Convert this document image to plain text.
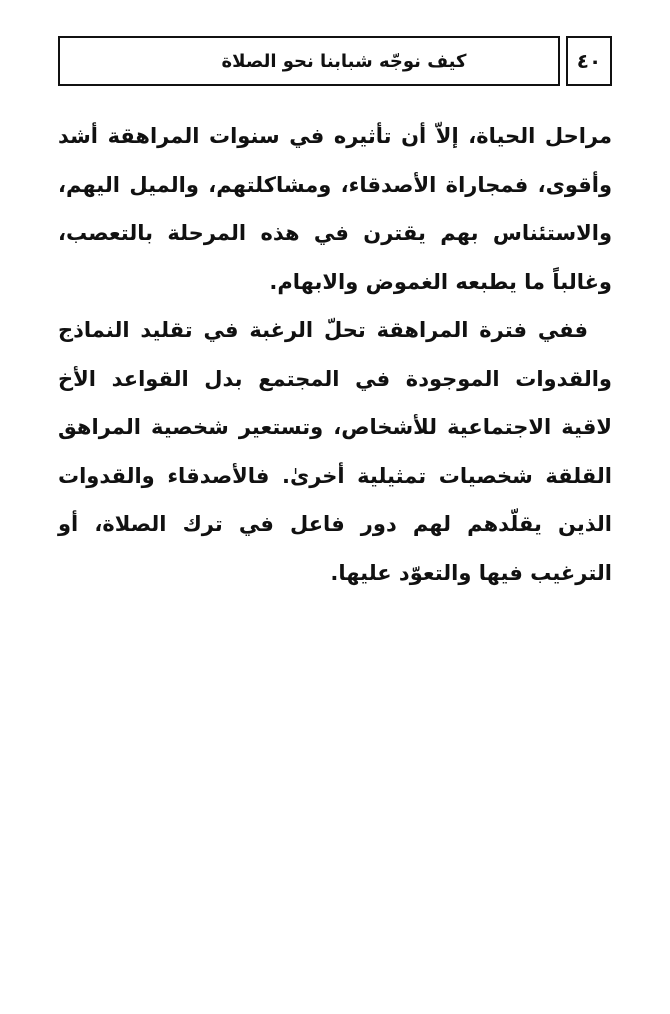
٤٠
كيف نوجّه شبابنا نحو الصلاة

مراحل الحياة، إلاّ أن تأثيره في سنوات المراهقة أشد وأقوى، فمجاراة الأصدقاء، ومشاكلتهم، والميل اليهم، والاستئناس بهم يقترن في هذه المرحلة بالتعصب، وغالباً ما يطبعه الغموض والابهام.

ففي فترة المراهقة تحلّ الرغبة في تقليد النماذج والقدوات الموجودة في المجتمع بدل القواعد الأخ لاقية الاجتماعية للأشخاص، وتستعير شخصية المراهق القلقة شخصيات تمثيلية أخرىٰ. فالأصدقاء والقدوات الذين يقلّدهم لهم دور فاعل في ترك الصلاة، أو الترغيب فيها والتعوّد عليها.
